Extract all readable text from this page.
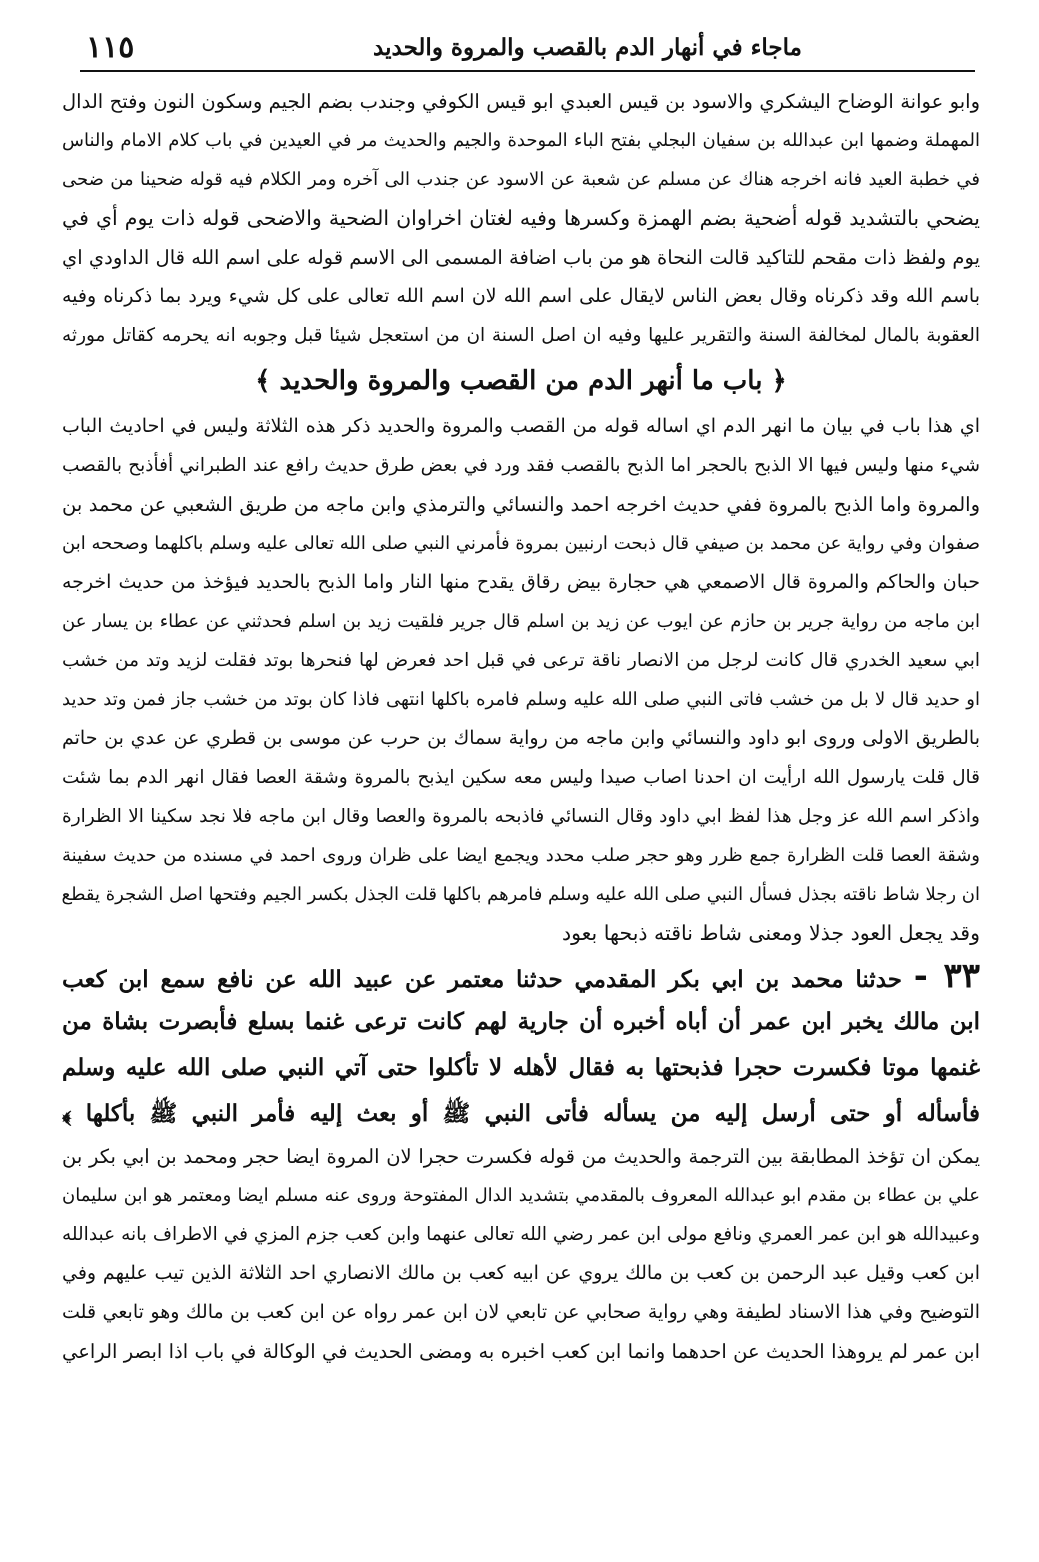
ماجاء في أنهار الدم بالقصب والمروة والحديد
١١٥
وابو عوانة الوضاح اليشكري والاسود بن قيس العبدي ابو قيس الكوفي وجندب بضم الجيم وسكون النون وفتح الدال
المهملة وضمها ابن عبدالله بن سفيان البجلي بفتح الباء الموحدة والجيم والحديث مر في العيدين في باب كلام الامام والناس
في خطبة العيد فانه اخرجه هناك عن مسلم عن شعبة عن الاسود عن جندب الى آخره ومر الكلام فيه قوله ضحينا من ضحى
يضحي بالتشديد قوله أضحية بضم الهمزة وكسرها وفيه لغتان اخراوان الضحية والاضحى قوله ذات يوم أي في
يوم ولفظ ذات مقحم للتاكيد قالت النحاة هو من باب اضافة المسمى الى الاسم قوله على اسم الله قال الداودي اي
باسم الله وقد ذكرناه وقال بعض الناس لايقال على اسم الله لان اسم الله تعالى على كل شيء ويرد بما ذكرناه وفيه
العقوبة بالمال لمخالفة السنة والتقرير عليها وفيه ان اصل السنة ان من استعجل شيئا قبل وجوبه انه يحرمه كقاتل مورثه
﴿ باب ما أنهر الدم من القصب والمروة والحديد ﴾
اي هذا باب في بيان ما انهر الدم اي اساله قوله من القصب والمروة والحديد ذكر هذه الثلاثة وليس في احاديث الباب
شيء منها وليس فيها الا الذبح بالحجر اما الذبح بالقصب فقد ورد في بعض طرق حديث رافع عند الطبراني أفأذبح بالقصب
والمروة واما الذبح بالمروة ففي حديث اخرجه احمد والنسائي والترمذي وابن ماجه من طريق الشعبي عن محمد بن
صفوان وفي رواية عن محمد بن صيفي قال ذبحت ارنبين بمروة فأمرني النبي صلى الله تعالى عليه وسلم باكلهما وصححه ابن
حبان والحاكم والمروة قال الاصمعي هي حجارة بيض رقاق يقدح منها النار واما الذبح بالحديد فيؤخذ من حديث اخرجه
ابن ماجه من رواية جرير بن حازم عن ايوب عن زيد بن اسلم قال جرير فلقيت زيد بن اسلم فحدثني عن عطاء بن يسار عن
ابي سعيد الخدري قال كانت لرجل من الانصار ناقة ترعى في قبل احد فعرض لها فنحرها بوتد فقلت لزيد وتد من خشب
او حديد قال لا بل من خشب فاتى النبي صلى الله عليه وسلم فامره باكلها انتهى فاذا كان بوتد من خشب جاز فمن وتد حديد
بالطريق الاولى وروى ابو داود والنسائي وابن ماجه من رواية سماك بن حرب عن موسى بن قطري عن عدي بن حاتم
قال قلت يارسول الله ارأيت ان احدنا اصاب صيدا وليس معه سكين ايذبح بالمروة وشقة العصا فقال انهر الدم بما شئت
واذكر اسم الله عز وجل هذا لفظ ابي داود وقال النسائي فاذبحه بالمروة والعصا وقال ابن ماجه فلا نجد سكينا الا الظرارة
وشقة العصا قلت الظرارة جمع ظرر وهو حجر صلب محدد ويجمع ايضا على ظران وروى احمد في مسنده من حديث سفينة
ان رجلا شاط ناقته بجذل فسأل النبي صلى الله عليه وسلم فامرهم باكلها قلت الجذل بكسر الجيم وفتحها اصل الشجرة يقطع
وقد يجعل العود جذلا ومعنى شاط ناقته ذبحها بعود
٣٣ - حدثنا محمد بن ابي بكر المقدمي حدثنا معتمر عن عبيد الله عن نافع سمع ابن كعب
ابن مالك يخبر ابن عمر أن أباه أخبره أن جارية لهم كانت ترعى غنما بسلع فأبصرت بشاة من
غنمها موتا فكسرت حجرا فذبحتها به فقال لأهله لا تأكلوا حتى آتي النبي صلى الله عليه وسلم
فأسأله أو حتى أرسل إليه من يسأله فأتى النبي ﷺ أو بعث إليه فأمر النبي ﷺ بأكلها ﴾
يمكن ان تؤخذ المطابقة بين الترجمة والحديث من قوله فكسرت حجرا لان المروة ايضا حجر ومحمد بن ابي بكر بن
علي بن عطاء بن مقدم ابو عبدالله المعروف بالمقدمي بتشديد الدال المفتوحة وروى عنه مسلم ايضا ومعتمر هو ابن سليمان
وعبيدالله هو ابن عمر العمري ونافع مولى ابن عمر رضي الله تعالى عنهما وابن كعب جزم المزي في الاطراف بانه عبدالله
ابن كعب وقيل عبد الرحمن بن كعب بن مالك يروي عن ابيه كعب بن مالك الانصاري احد الثلاثة الذين تيب عليهم وفي
التوضيح وفي هذا الاسناد لطيفة وهي رواية صحابي عن تابعي لان ابن عمر رواه عن ابن كعب بن مالك وهو تابعي قلت
ابن عمر لم يروهذا الحديث عن احدهما وانما ابن كعب اخبره به ومضى الحديث في الوكالة في باب اذا ابصر الراعي
